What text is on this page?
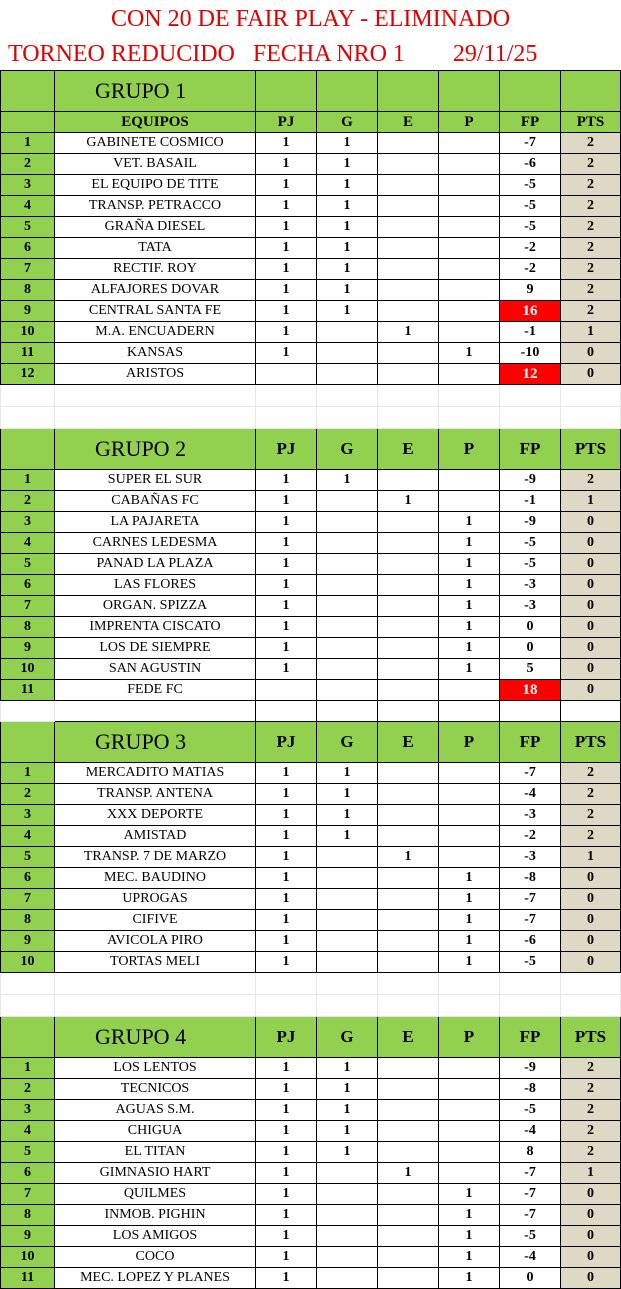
CON 20 DE FAIR PLAY - ELIMINADO
TORNEO REDUCIDO   FECHA NRO 1        29/11/25
	GRUPO 1						
	EQUIPOS	PJ	G	E	P	FP	PTS
1	GABINETE COSMICO	1	1			-7	2
2	VET. BASAIL	1	1			-6	2
3	EL EQUIPO DE TITE	1	1			-5	2
4	TRANSP. PETRACCO	1	1			-5	2
5	GRAÑA DIESEL	1	1			-5	2
6	TATA	1	1			-2	2
7	RECTIF. ROY	1	1			-2	2
8	ALFAJORES DOVAR	1	1			9	2
9	CENTRAL SANTA FE	1	1			16	2
10	M.A. ENCUADERN	1		1		-1	1
11	KANSAS	1			1	-10	0
12	ARISTOS					12	0

	GRUPO 2	PJ	G	E	P	FP	PTS
1	SUPER EL SUR	1	1			-9	2
2	CABAÑAS FC	1		1		-1	1
3	LA PAJARETA	1			1	-9	0
4	CARNES LEDESMA	1			1	-5	0
5	PANAD LA PLAZA	1			1	-5	0
6	LAS FLORES	1			1	-3	0
7	ORGAN. SPIZZA	1			1	-3	0
8	IMPRENTA CISCATO	1			1	0	0
9	LOS DE SIEMPRE	1			1	0	0
10	SAN AGUSTIN	1			1	5	0
11	FEDE FC					18	0

	GRUPO 3	PJ	G	E	P	FP	PTS
1	MERCADITO MATIAS	1	1			-7	2
2	TRANSP. ANTENA	1	1			-4	2
3	XXX DEPORTE	1	1			-3	2
4	AMISTAD	1	1			-2	2
5	TRANSP. 7 DE MARZO	1		1		-3	1
6	MEC. BAUDINO	1			1	-8	0
7	UPROGAS	1			1	-7	0
8	CIFIVE	1			1	-7	0
9	AVICOLA PIRO	1			1	-6	0
10	TORTAS MELI	1			1	-5	0

	GRUPO 4	PJ	G	E	P	FP	PTS
1	LOS LENTOS	1	1			-9	2
2	TECNICOS	1	1			-8	2
3	AGUAS S.M.	1	1			-5	2
4	CHIGUA	1	1			-4	2
5	EL TITAN	1	1			8	2
6	GIMNASIO HART	1		1		-7	1
7	QUILMES	1			1	-7	0
8	INMOB. PIGHIN	1			1	-7	0
9	LOS AMIGOS	1			1	-5	0
10	COCO	1			1	-4	0
11	MEC. LOPEZ Y PLANES	1			1	0	0
